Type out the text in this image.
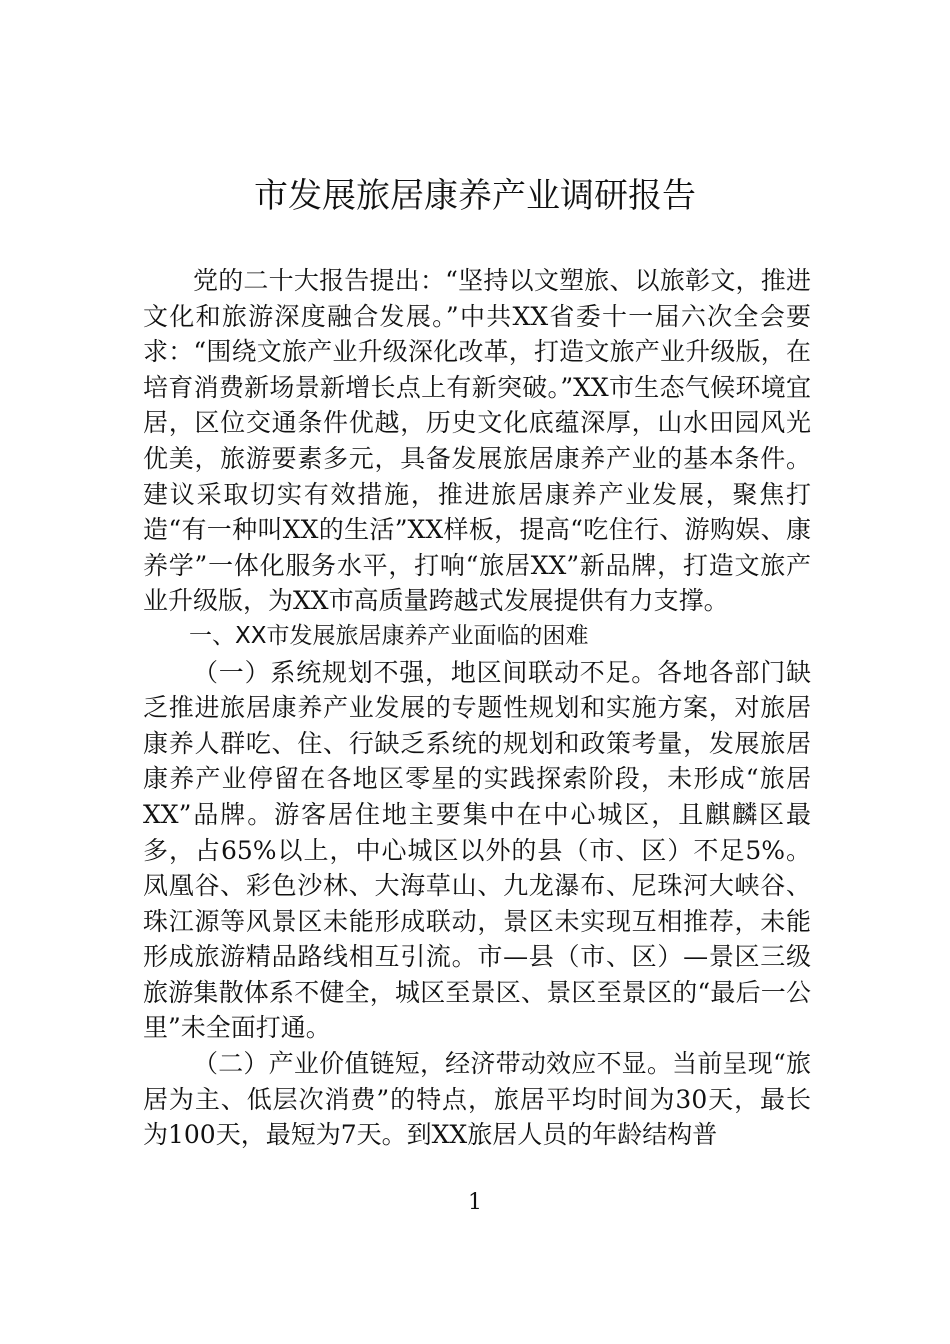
市发展旅居康养产业调研报告

党的二十大报告提出：“坚持以文塑旅、以旅彰文，推进文化和旅游深度融合发展。”中共XX省委十一届六次全会要求：“围绕文旅产业升级深化改革，打造文旅产业升级版，在培育消费新场景新增长点上有新突破。”XX市生态气候环境宜居，区位交通条件优越，历史文化底蕴深厚，山水田园风光优美，旅游要素多元，具备发展旅居康养产业的基本条件。建议采取切实有效措施，推进旅居康养产业发展，聚焦打造“有一种叫XX的生活”XX样板，提高“吃住行、游购娱、康养学”一体化服务水平，打响“旅居XX”新品牌，打造文旅产业升级版，为XX市高质量跨越式发展提供有力支撑。

一、XX市发展旅居康养产业面临的困难

（一）系统规划不强，地区间联动不足。各地各部门缺乏推进旅居康养产业发展的专题性规划和实施方案，对旅居康养人群吃、住、行缺乏系统的规划和政策考量，发展旅居康养产业停留在各地区零星的实践探索阶段，未形成“旅居XX”品牌。游客居住地主要集中在中心城区，且麒麟区最多，占65%以上，中心城区以外的县（市、区）不足5%。凤凰谷、彩色沙林、大海草山、九龙瀑布、尼珠河大峡谷、珠江源等风景区未能形成联动，景区未实现互相推荐，未能形成旅游精品路线相互引流。市—县（市、区）—景区三级旅游集散体系不健全，城区至景区、景区至景区的“最后一公里”未全面打通。

（二）产业价值链短，经济带动效应不显。当前呈现“旅居为主、低层次消费”的特点，旅居平均时间为30天，最长为100天，最短为7天。到XX旅居人员的年龄结构普

1
